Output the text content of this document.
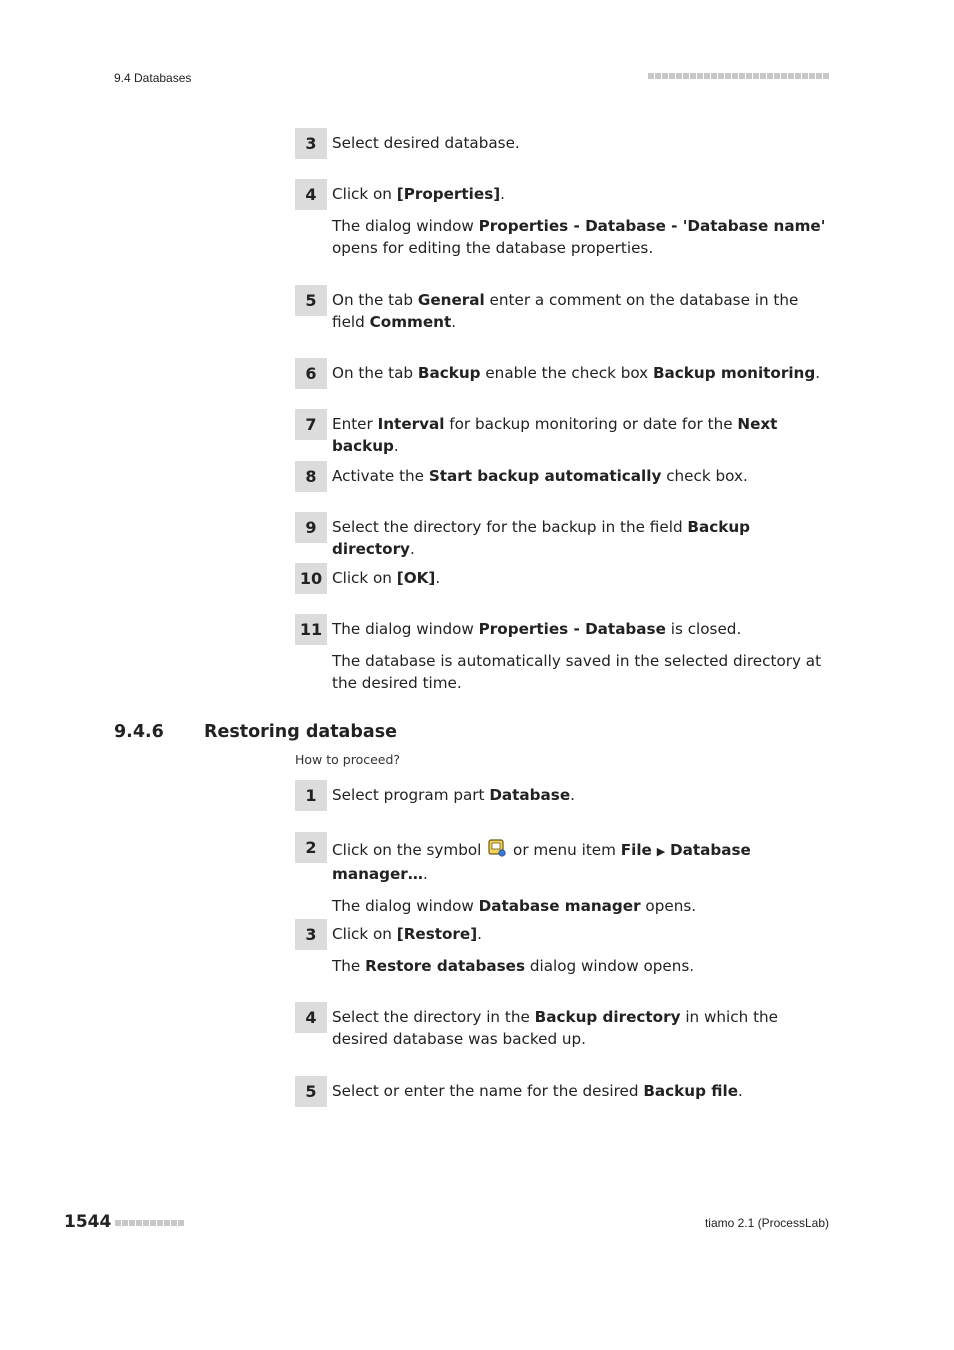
9.4 Databases
3	Select desired database.
4	Click on [Properties].
The dialog window Properties - Database - 'Database name' opens for editing the database properties.
5	On the tab General enter a comment on the database in the field Comment.
6	On the tab Backup enable the check box Backup monitoring.
7	Enter Interval for backup monitoring or date for the Next backup.
8	Activate the Start backup automatically check box.
9	Select the directory for the backup in the field Backup directory.
10 Click on [OK].
11 The dialog window Properties - Database is closed.
The database is automatically saved in the selected directory at the desired time.
9.4.6 Restoring database
How to proceed?
1	Select program part Database.
2	Click on the symbol  or menu item File ▶ Database manager….
The dialog window Database manager opens.
3	Click on [Restore].
The Restore databases dialog window opens.
4	Select the directory in the Backup directory in which the desired database was backed up.
5	Select or enter the name for the desired Backup file.
1544	tiamo 2.1 (ProcessLab)
